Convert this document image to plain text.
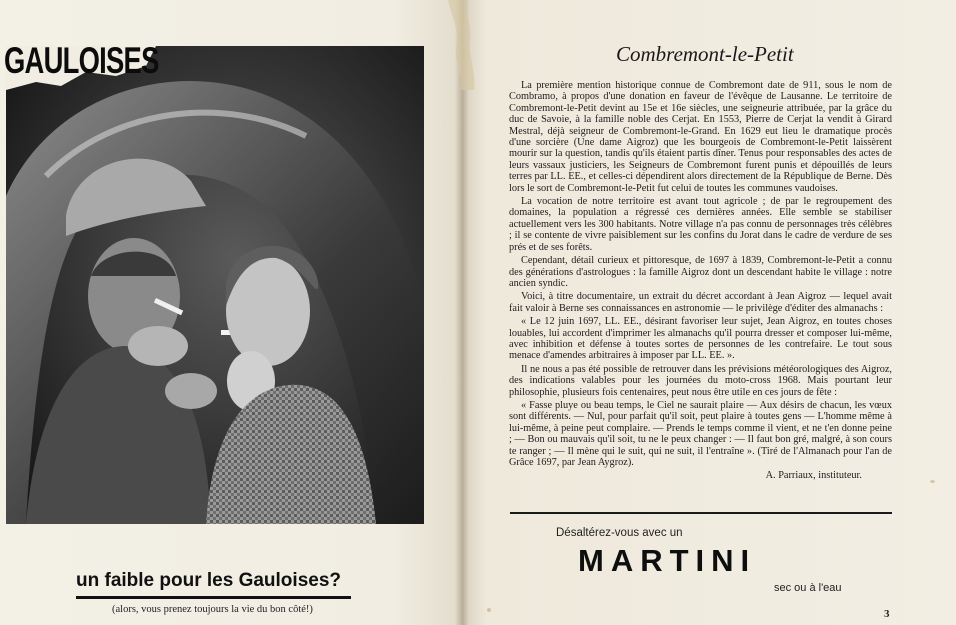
GAULOISES
un faible pour les Gauloises?
(alors, vous prenez toujours la vie du bon côté!)
Combremont-le-Petit

La première mention historique connue de Combremont date de 911, sous le nom de Combramo, à propos d'une donation en faveur de l'évêque de Lausanne. Le territoire de Combremont-le-Petit devint au 15e et 16e siècles, une seigneurie attribuée, par la grâce du duc de Savoie, à la famille noble des Cerjat. En 1553, Pierre de Cerjat la vendit à Girard Mestral, déjà seigneur de Combremont-le-Grand. En 1629 eut lieu le dramatique procès d'une sorcière (Une dame Aigroz) que les bourgeois de Combremont-le-Petit laissèrent mourir sur la question, tandis qu'ils étaient partis dîner. Tenus pour responsables des actes de leurs vassaux justiciers, les Seigneurs de Combremont furent punis et dépouillés de leurs terres par LL. EE., et celles-ci dépendirent alors directement de la République de Berne. Dès lors le sort de Combremont-le-Petit fut celui de toutes les communes vaudoises.

La vocation de notre territoire est avant tout agricole ; de par le regroupement des domaines, la population a régressé ces dernières années. Elle semble se stabiliser actuellement vers les 300 habitants. Notre village n'a pas connu de personnages très célèbres ; il se contente de vivre paisiblement sur les confins du Jorat dans le cadre de verdure de ses prés et de ses forêts.

Cependant, détail curieux et pittoresque, de 1697 à 1839, Combremont-le-Petit a connu des générations d'astrologues : la famille Aigroz dont un descendant habite le village : notre ancien syndic.

Voici, à titre documentaire, un extrait du décret accordant à Jean Aigroz — lequel avait fait valoir à Berne ses connaissances en astronomie — le privilège d'éditer des almanachs :

« Le 12 juin 1697, LL. EE., désirant favoriser leur sujet, Jean Aigroz, en toutes choses louables, lui accordent d'imprimer les almanachs qu'il pourra dresser et composer lui-même, avec inhibition et défense à toutes sortes de personnes de les contrefaire. Le tout sous menace d'amendes arbitraires à imposer par LL. EE. ».

Il ne nous a pas été possible de retrouver dans les prévisions météorologiques des Aigroz, des indications valables pour les journées du moto-cross 1968. Mais pourtant leur philosophie, plusieurs fois centenaires, peut nous être utile en ces jours de fête :

« Fasse pluye ou beau temps, le Ciel ne saurait plaire — Aux désirs de chacun, les vœux sont différents. — Nul, pour parfait qu'il soit, peut plaire à toutes gens — L'homme même à lui-même, à peine peut complaire. — Prends le temps comme il vient, et ne t'en donne peine ; — Bon ou mauvais qu'il soit, tu ne le peux changer : — Il faut bon gré, malgré, à son cours te ranger ; — Il mène qui le suit, qui ne suit, il l'entraîne ». (Tiré de l'Almanach pour l'an de Grâce 1697, par Jean Aygroz).

A. Parriaux, instituteur.

Désaltérez-vous avec un
MARTINI
sec ou à l'eau
3
